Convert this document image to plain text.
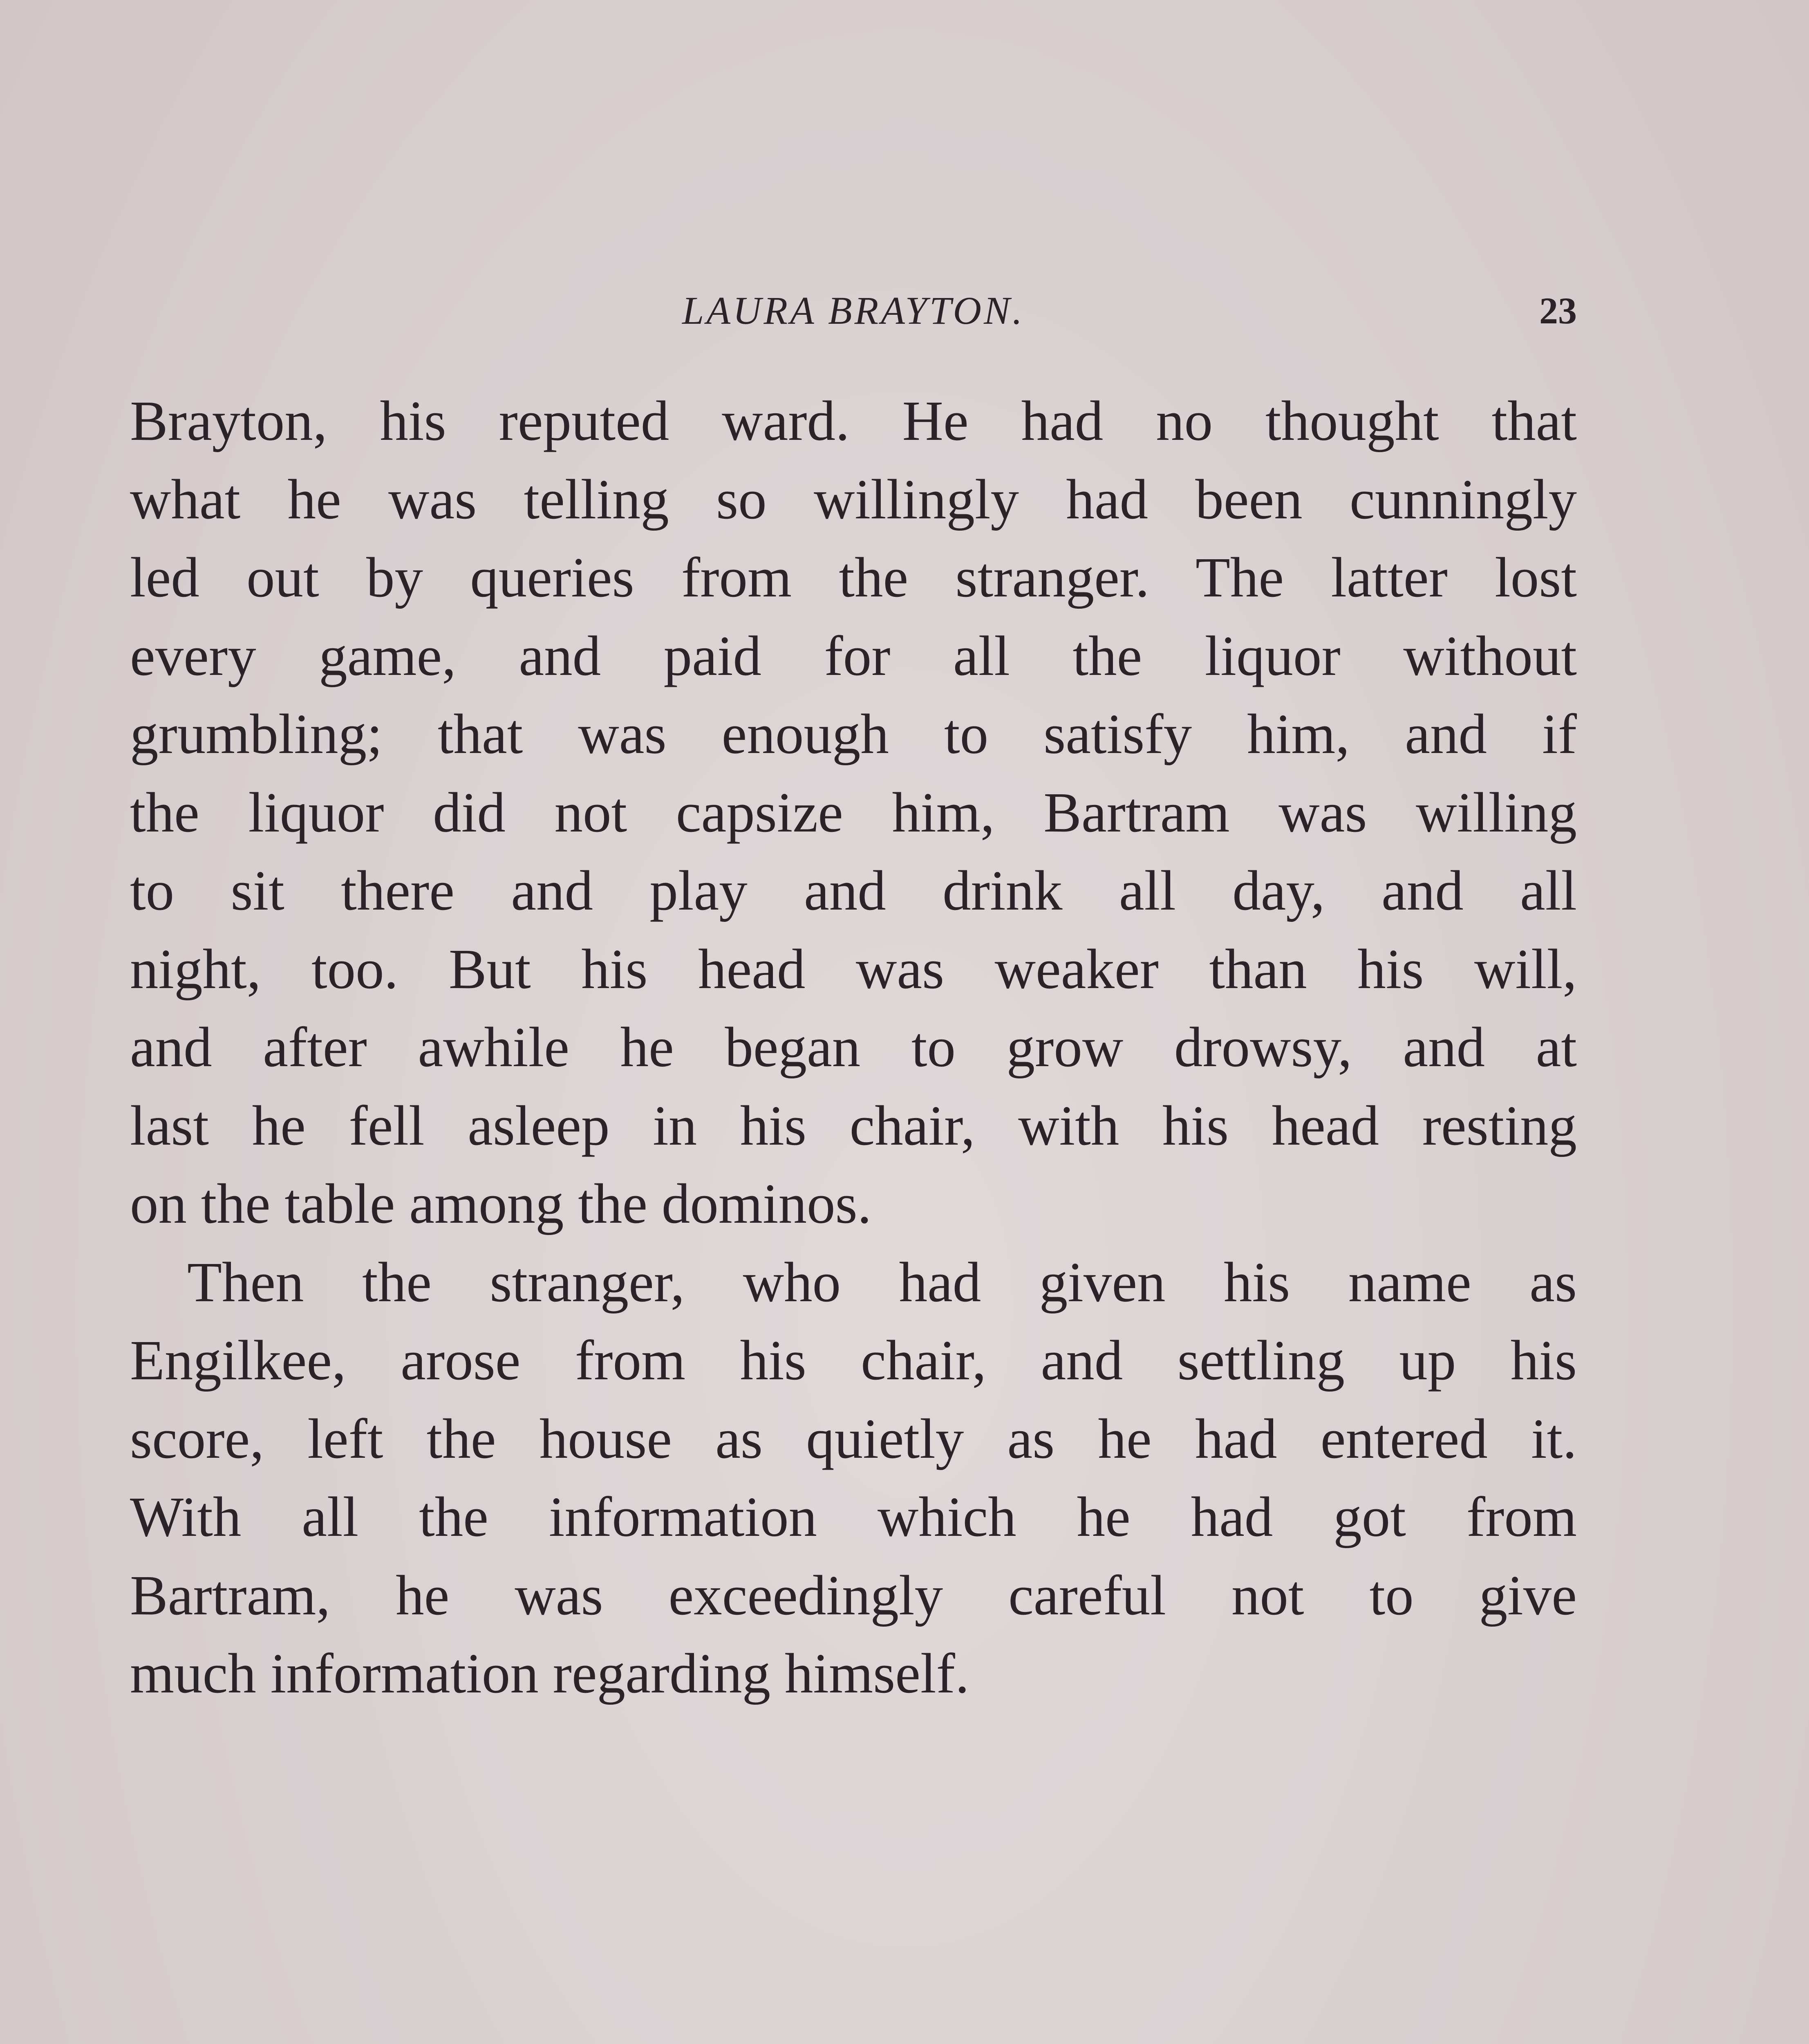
LAURA BRAYTON.	23

Brayton, his reputed ward. He had no thought that
what he was telling so willingly had been cunningly
led out by queries from the stranger. The latter lost
every game, and paid for all the liquor without
grumbling; that was enough to satisfy him, and if
the liquor did not capsize him, Bartram was willing
to sit there and play and drink all day, and all
night, too. But his head was weaker than his will,
and after awhile he began to grow drowsy, and at
last he fell asleep in his chair, with his head resting
on the table among the dominos.

Then the stranger, who had given his name as
Engilkee, arose from his chair, and settling up his
score, left the house as quietly as he had entered it.
With all the information which he had got from
Bartram, he was exceedingly careful not to give
much information regarding himself.
